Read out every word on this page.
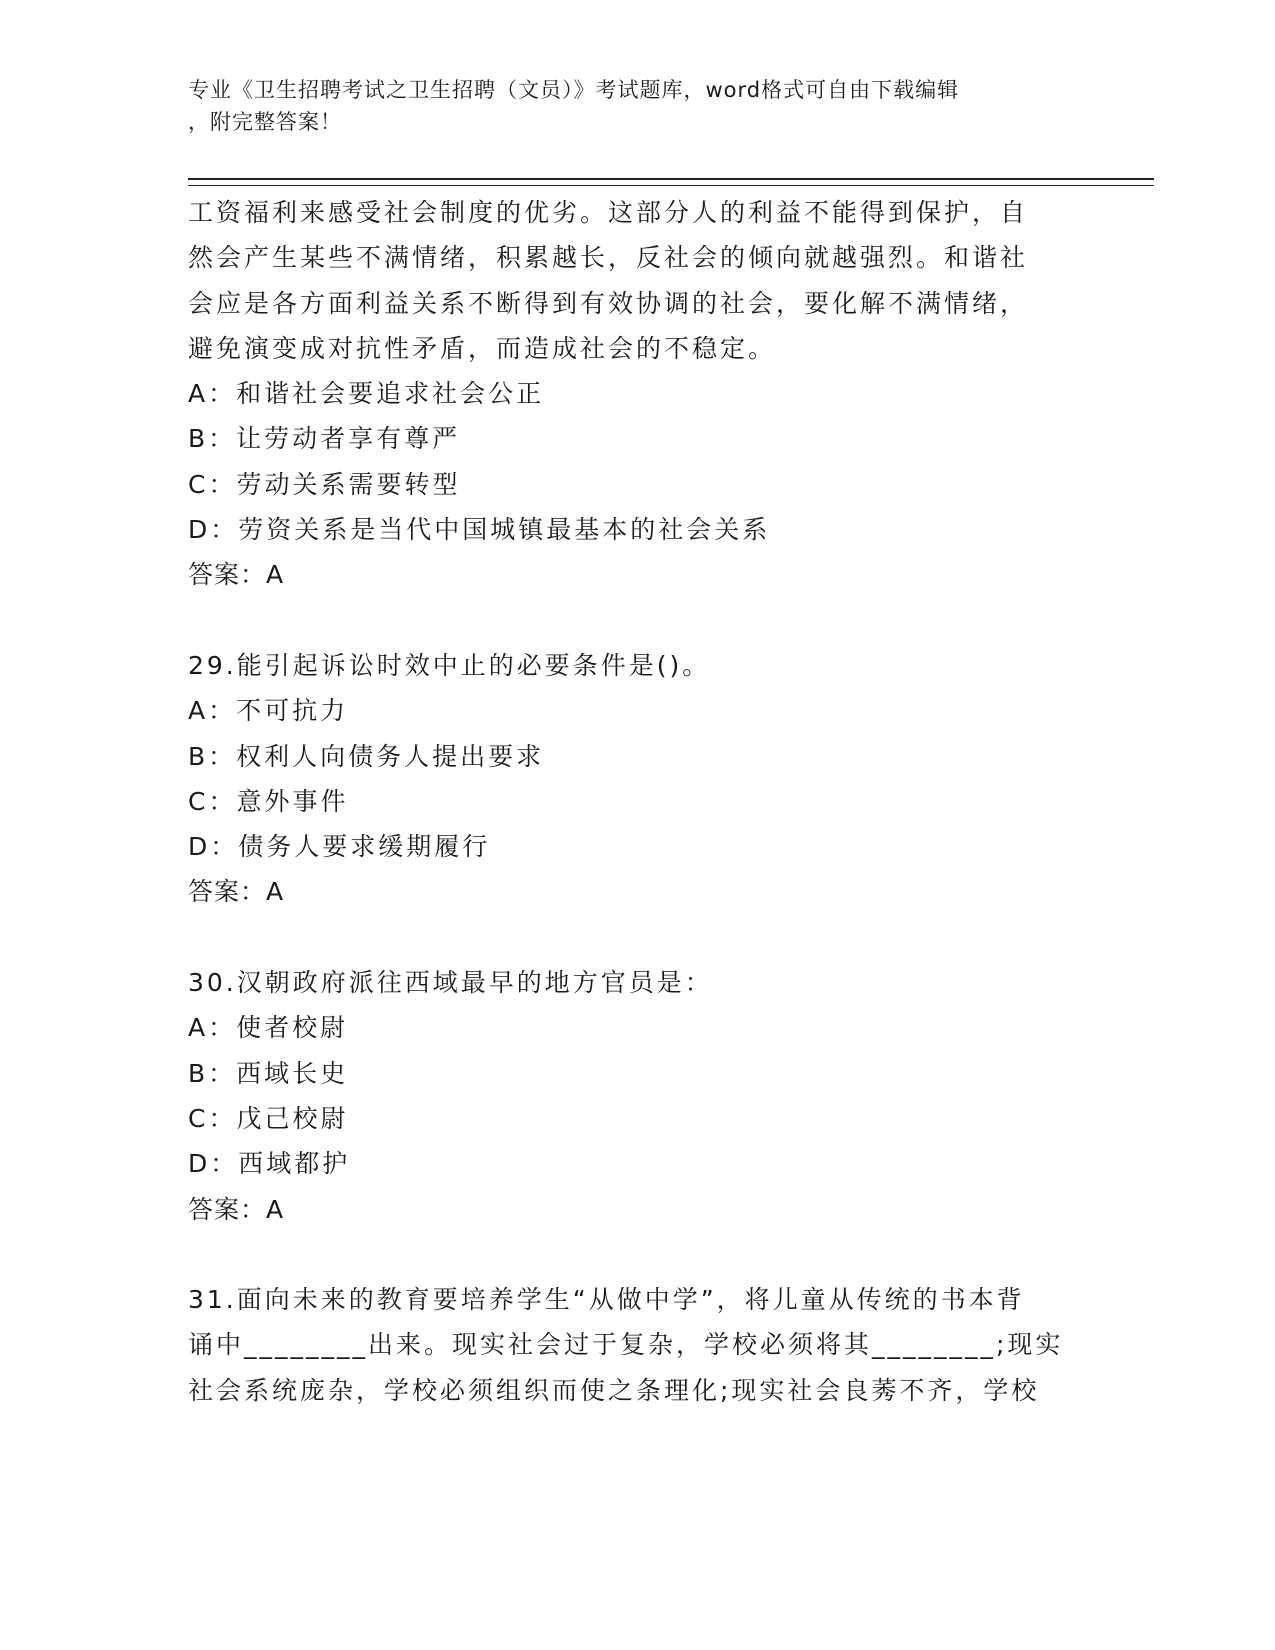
专业《卫生招聘考试之卫生招聘（文员）》考试题库，word格式可自由下载编辑
，附完整答案！
工资福利来感受社会制度的优劣。这部分人的利益不能得到保护，自
然会产生某些不满情绪，积累越长，反社会的倾向就越强烈。和谐社
会应是各方面利益关系不断得到有效协调的社会，要化解不满情绪，
避免演变成对抗性矛盾，而造成社会的不稳定。
A：和谐社会要追求社会公正
B：让劳动者享有尊严
C：劳动关系需要转型
D：劳资关系是当代中国城镇最基本的社会关系
答案：A
29.能引起诉讼时效中止的必要条件是()。
A：不可抗力
B：权利人向债务人提出要求
C：意外事件
D：债务人要求缓期履行
答案：A
30.汉朝政府派往西域最早的地方官员是：
A：使者校尉
B：西域长史
C：戊己校尉
D：西域都护
答案：A
31.面向未来的教育要培养学生“从做中学”，将儿童从传统的书本背
诵中________出来。现实社会过于复杂，学校必须将其________;现实
社会系统庞杂，学校必须组织而使之条理化;现实社会良莠不齐，学校
